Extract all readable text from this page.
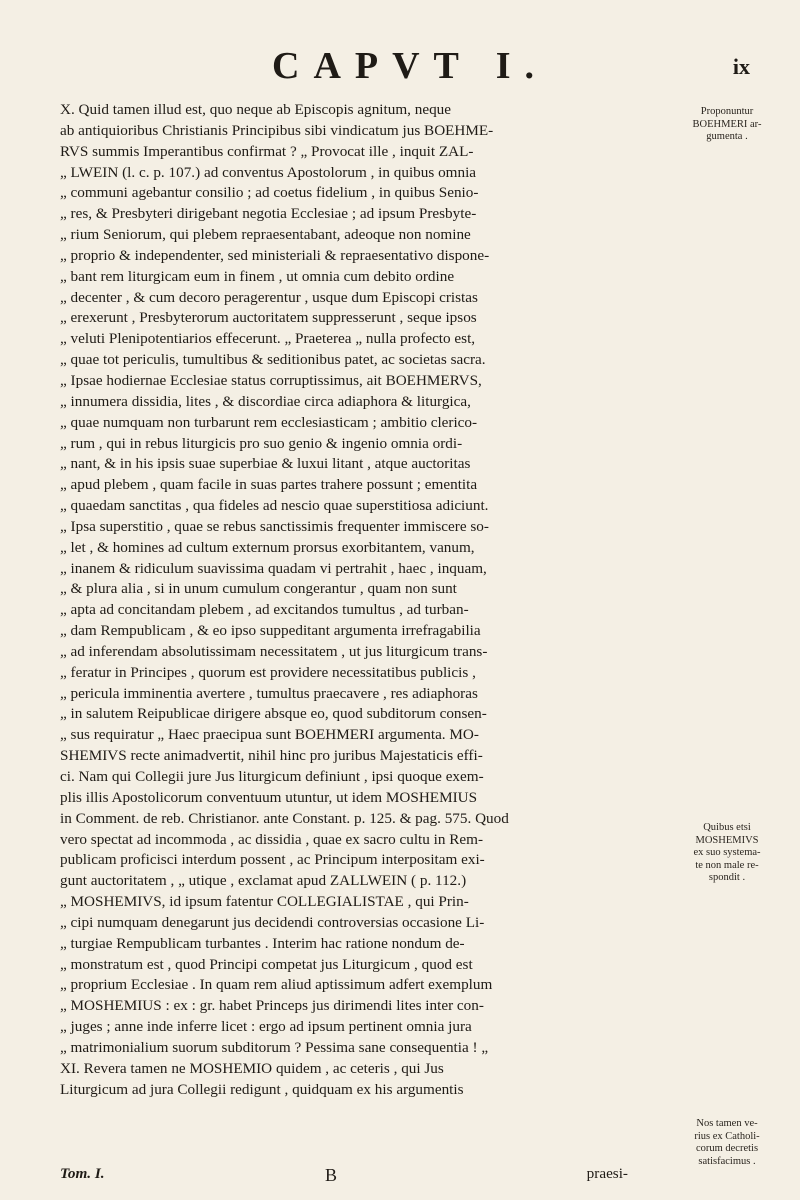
CAPVT I.	ix
X. Quid tamen illud est, quo neque ab Episcopis agnitum, neque
ab antiquioribus Christianis Principibus sibi vindicatum jus BOEHME-
RVS summis Imperantibus confirmat ? „ Provocat ille , inquit ZAL-
„ LWEIN (l. c. p. 107.) ad conventus Apostolorum , in quibus omnia
„ communi agebantur consilio ; ad coetus fidelium , in quibus Senio-
„ res, & Presbyteri dirigebant negotia Ecclesiae ; ad ipsum Presbyte-
„ rium Seniorum, qui plebem repraesentabant, adeoque non nomine
„ proprio & independenter, sed ministeriali & repraesentativo dispone-
„ bant rem liturgicam eum in finem , ut omnia cum debito ordine
„ decenter , & cum decoro peragerentur , usque dum Episcopi cristas
„ erexerunt , Presbyterorum auctoritatem suppresserunt , seque ipsos
„ veluti Plenipotentiarios effecerunt. „ Praeterea „ nulla profecto est,
„ quae tot periculis, tumultibus & seditionibus patet, ac societas sacra.
„ Ipsae hodiernae Ecclesiae status corruptissimus, ait BOEHMERVS,
„ innumera dissidia, lites , & discordiae circa adiaphora & liturgica,
„ quae numquam non turbarunt rem ecclesiasticam ; ambitio clerico-
„ rum , qui in rebus liturgicis pro suo genio & ingenio omnia ordi-
„ nant, & in his ipsis suae superbiae & luxui litant , atque auctoritas
„ apud plebem , quam facile in suas partes trahere possunt ; ementita
„ quaedam sanctitas , qua fideles ad nescio quae superstitiosa adiciunt.
„ Ipsa superstitio , quae se rebus sanctissimis frequenter immiscere so-
„ let , & homines ad cultum externum prorsus exorbitantem, vanum,
„ inanem & ridiculum suavissima quadam vi pertrahit , haec , inquam,
„ & plura alia , si in unum cumulum congerantur , quam non sunt
„ apta ad concitandam plebem , ad excitandos tumultus , ad turban-
„ dam Rempublicam , & eo ipso suppeditant argumenta irrefragabilia
„ ad inferendam absolutissimam necessitatem , ut jus liturgicum trans-
„ feratur in Principes , quorum est providere necessitatibus publicis ,
„ pericula imminentia avertere , tumultus praecavere , res adiaphoras
„ in salutem Reipublicae dirigere absque eo, quod subditorum consen-
„ sus requiratur „ Haec praecipua sunt BOEHMERI argumenta. MO-
SHEMIVS recte animadvertit, nihil hinc pro juribus Majestaticis effi-
ci. Nam qui Collegii jure Jus liturgicum definiunt , ipsi quoque exem-
plis illis Apostolicorum conventuum utuntur, ut idem MOSHEMIUS
in Comment. de reb. Christianor. ante Constant. p. 125. & pag. 575. Quod
vero spectat ad incommoda , ac dissidia , quae ex sacro cultu in Rem-
publicam proficisci interdum possent , ac Principum interpositam exi-
gunt auctoritatem , „ utique , exclamat apud ZALLWEIN ( p. 112.)
„ MOSHEMIVS, id ipsum fatentur COLLEGIALISTAE , qui Prin-
„ cipi numquam denegarunt jus decidendi controversias occasione Li-
„ turgiae Rempublicam turbantes . Interim hac ratione nondum de-
„ monstratum est , quod Principi competat jus Liturgicum , quod est
„ proprium Ecclesiae . In quam rem aliud aptissimum adfert exemplum
„ MOSHEMIUS : ex : gr. habet Princeps jus dirimendi lites inter con-
„ juges ; anne inde inferre licet : ergo ad ipsum pertinent omnia jura
„ matrimonialium suorum subditorum ? Pessima sane consequentia ! „
XI. Revera tamen ne MOSHEMIO quidem , ac ceteris , qui Jus
Liturgicum ad jura Collegii redigunt , quidquam ex his argumentis
Proponuntur
BOEHMERI ar-
gumenta .
Quibus etsi
MOSHEMIVS
ex suo systema-
te non male re-
spondit .
Nos tamen ve-
rius ex Catholi-
corum decretis
satisfacimus .
Tom. I.	B	praesi-
